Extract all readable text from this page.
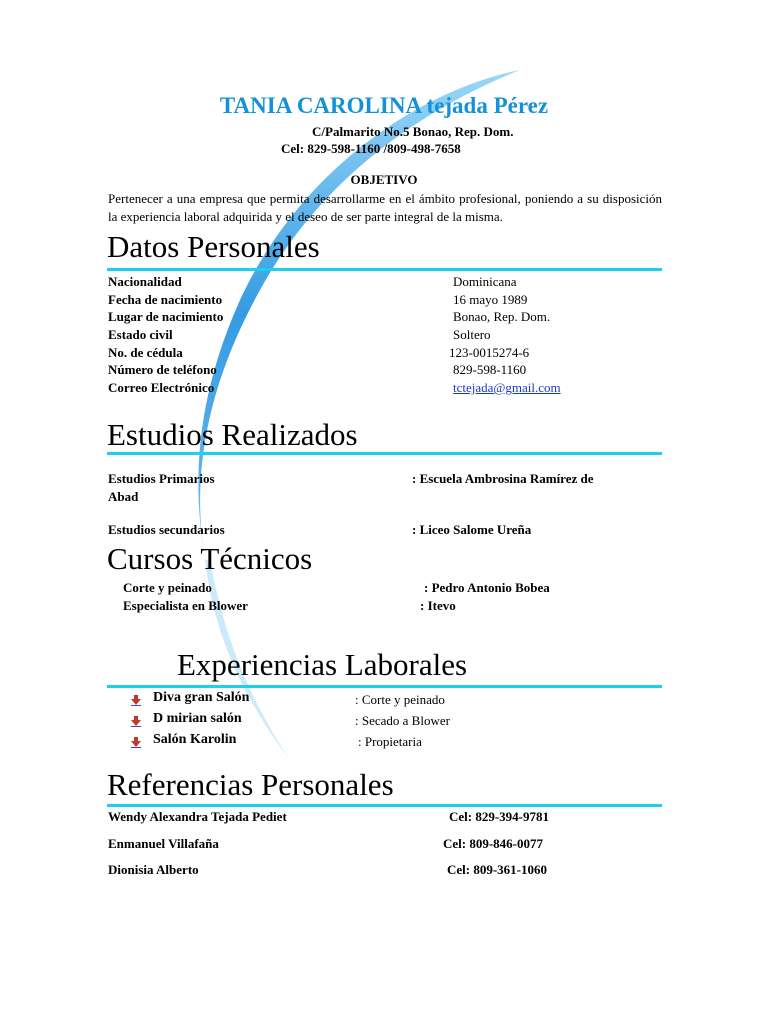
TANIA CAROLINA tejada Pérez
C/Palmarito No.5 Bonao, Rep. Dom.
Cel: 829-598-1160 /809-498-7658
OBJETIVO
Pertenecer a una empresa que permita desarrollarme en el ámbito profesional, poniendo a su disposición la experiencia laboral adquirida y el deseo de ser parte integral de la misma.
Datos Personales
Nacionalidad	Dominicana
Fecha de nacimiento	16 mayo 1989
Lugar de nacimiento	Bonao, Rep. Dom.
Estado civil	Soltero
No. de cédula	123-0015274-6
Número de teléfono	829-598-1160
Correo Electrónico	tctejada@gmail.com
Estudios Realizados
Estudios Primarios	: Escuela Ambrosina Ramírez de
Abad
Estudios secundarios	: Liceo Salome Ureña
Cursos Técnicos
Corte y peinado	: Pedro Antonio Bobea
Especialista en Blower	: Itevo
Experiencias Laborales
Diva gran Salón	: Corte y peinado
D mirian salón	: Secado a Blower
Salón Karolin	: Propietaria
Referencias Personales
Wendy Alexandra Tejada Pediet	Cel: 829-394-9781
Enmanuel Villafaña	Cel: 809-846-0077
Dionisia Alberto	Cel: 809-361-1060
